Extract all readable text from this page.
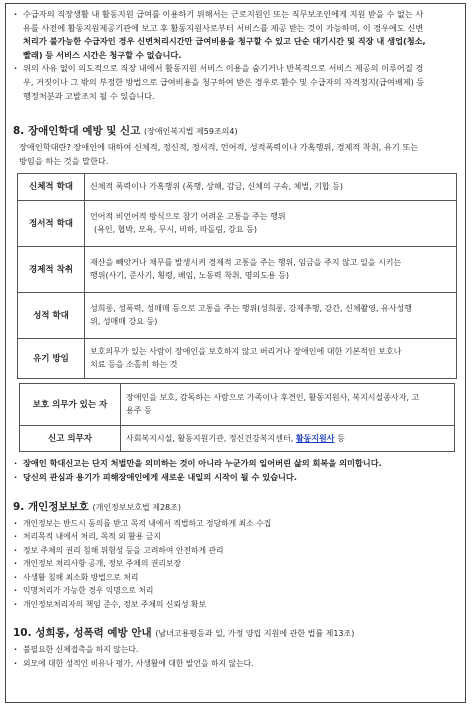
· 수급자의 직장생활 내 활동지원 급여를 이용하기 위해서는 근로지원인 또는 직무보조인에게 지원 받을 수 없는 사
유를 사전에 활동지원제공기관에 보고 후 활동지원사로부터 서비스를 제공 받는 것이 가능하며, 이 경우에도 신변
처리가 불가능한 수급자인 경우 신변처리시간만 급여비용을 청구할 수 있고 단순 대기시간 및 직장 내 생업(청소,
빨래) 등 서비스 시간은 청구할 수 없습니다.

· 위의 사유 없이 의도적으로 직장 내에서 활동지원 서비스 이용을 숨기거나 반복적으로 서비스 제공의 이루어질 경
우, 거짓이나 그 밖의 부정한 방법으로 급여비용을 청구하여 받은 경우로 환수 및 수급자의 자격정지(급여배제) 등
행정처분과 고발조치 될 수 있습니다.

8. 장애인학대 예방 및 신고 (장애인복지법 제59조의4)

장애인학대란? 장애인에 대하여 신체적, 정신적, 정서적, 언어적, 성적폭력이나 가혹행위, 경제적 착취, 유기 또는
방임을 하는 것을 말한다.

신체적 학대	신체적 폭력이나 가혹행위 (폭행, 상해, 감금, 신체의 구속, 체벌, 기합 등)
정서적 학대	언어적 비언어적 방식으로 참기 어려운 고통을 주는 행위
(욕인, 협박, 모욕, 무시, 비하, 따돌림, 강요 등)
경제적 착취	재산을 빼앗거나 채무를 발생시켜 경제적 고통을 주는 행위, 임금을 주지 않고 일을 시키는
행위(사기, 준사기, 횡령, 배임, 노동력 착취, 명의도용 등)
성적 학대	성희롱, 성폭력, 성매매 등으로 고통을 주는 행위(성희롱, 강제추행, 강간, 신체촬영, 유사성행
위, 성매매 강요 등)
유기 방임	보호의무가 있는 사람이 장애인을 보호하지 않고 버리거나 장애인에 대한 기본적인 보호나
치료 등을 소홀히 하는 것
보호 의무가 있는 자	장애인을 보호, 감독하는 사람으로 가족이나 후견인, 활동지원사, 복지시설종사자, 고
용주 등
신고 의무자	사회복지시설, 활동지원기관, 정신건강복지센터, 활동지원사 등

· 장애인 학대신고는 단지 처벌만을 의미하는 것이 아니라 누군가의 일어버린 삶의 회복을 의미합니다.

· 당신의 관심과 용기가 피해장애인에게 새로운 내일의 시작이 될 수 있습니다.

9. 개인정보보호 (개인정보보호법 제28조)

· 개인정보는 반드시 동의를 받고 목적 내에서 적법하고 정당하게 최소 수집

· 처리목적 내에서 처리, 목적 외 활용 금지

· 정보 주체의 권리 침해 위험성 등을 고려하여 안전하게 관리

· 개인정보 처리사항 공개, 정보 주체의 권리보장

· 사생활 침해 최소화 방법으로 처리

· 익명처리가 가능한 경우 익명으로 처리

· 개인정보처리자의 책임 준수, 정보 주체의 신뢰성 확보

10. 성희롱, 성폭력 예방 안내 (남녀고용평등과 일, 가정 양립 지원에 관한 법률 제13조)

· 불필요한 신체접촉을 하지 않는다.

· 외모에 대한 성적인 비유나 평가, 사생활에 대한 발언을 하지 않는다.
